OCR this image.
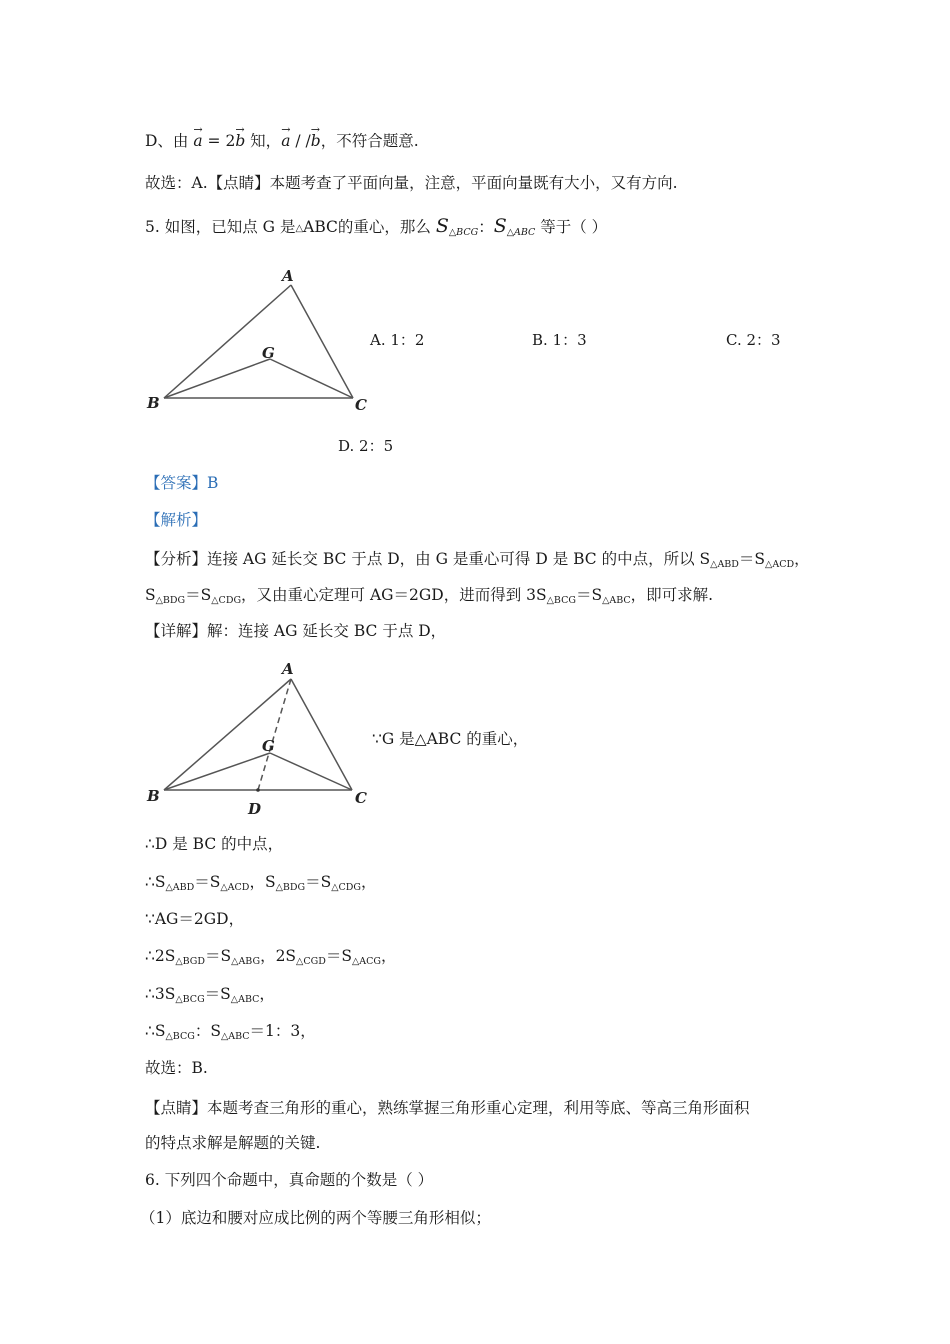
D、由 → a = 2→ b 知，→ a / /→ b，不符合题意.
故选：A.【点睛】本题考查了平面向量，注意，平面向量既有大小，又有方向.
5. 如图，已知点 G 是△ABC的重心，那么 $S_{\triangle BCG}$：$S_{\triangle ABC}$ 等于（ ）
A
B	C
G
A. 1：2	B. 1：3	C. 2：3
D. 2：5
【答案】B
【解析】
【分析】连接 AG 延长交 BC 于点 D，由 G 是重心可得 D 是 BC 的中点，所以 $S_{\triangle ABD}=S_{\triangle ACD}$，
$S_{\triangle BDG}=S_{\triangle CDG}$，又由重心定理可 AG＝2GD，进而得到 $3S_{\triangle BCG}=S_{\triangle ABC}$，即可求解.
【详解】解：连接 AG 延长交 BC 于点 D，
A
B	C
G
D
∵G 是△ABC 的重心，
∴D 是 BC 的中点，
$\therefore S_{\triangle ABD}=S_{\triangle ACD}$，$S_{\triangle BDG}=S_{\triangle CDG}$，
∵AG＝2GD，
$\therefore 2S_{\triangle BGD}=S_{\triangle ABG}$，$2S_{\triangle CGD}=S_{\triangle ACG}$，
$\therefore 3S_{\triangle BCG}=S_{\triangle ABC}$，
$\therefore S_{\triangle BCG}$：$S_{\triangle ABC}=1$：3，
故选：B.
【点睛】本题考查三角形的重心，熟练掌握三角形重心定理，利用等底、等高三角形面积
的特点求解是解题的关键.
6. 下列四个命题中，真命题的个数是（ ）
（1）底边和腰对应成比例的两个等腰三角形相似；
